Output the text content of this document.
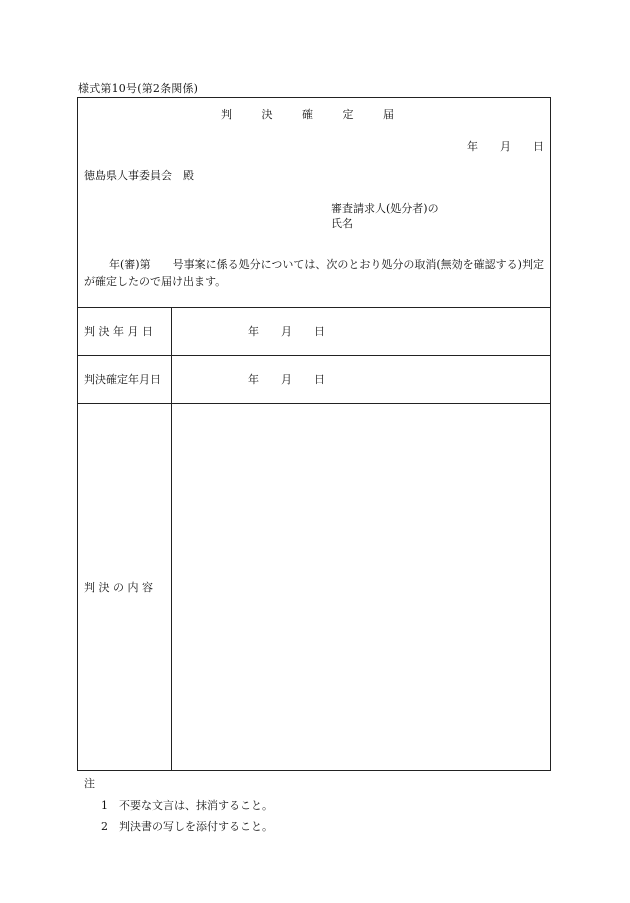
様式第10号(第2条関係)
判 決 確 定 届
年　　月　　日
徳島県人事委員会　殿
審査請求人(処分者)の
氏名
年(審)第　　号事案に係る処分については、次のとおり処分の取消(無効を確認する)判定が確定したので届け出ます。
判 決 年 月 日	年　　月　　日
判決確定年月日	年　　月　　日
判 決 の 内 容
注
1　不要な文言は、抹消すること。
2　判決書の写しを添付すること。
